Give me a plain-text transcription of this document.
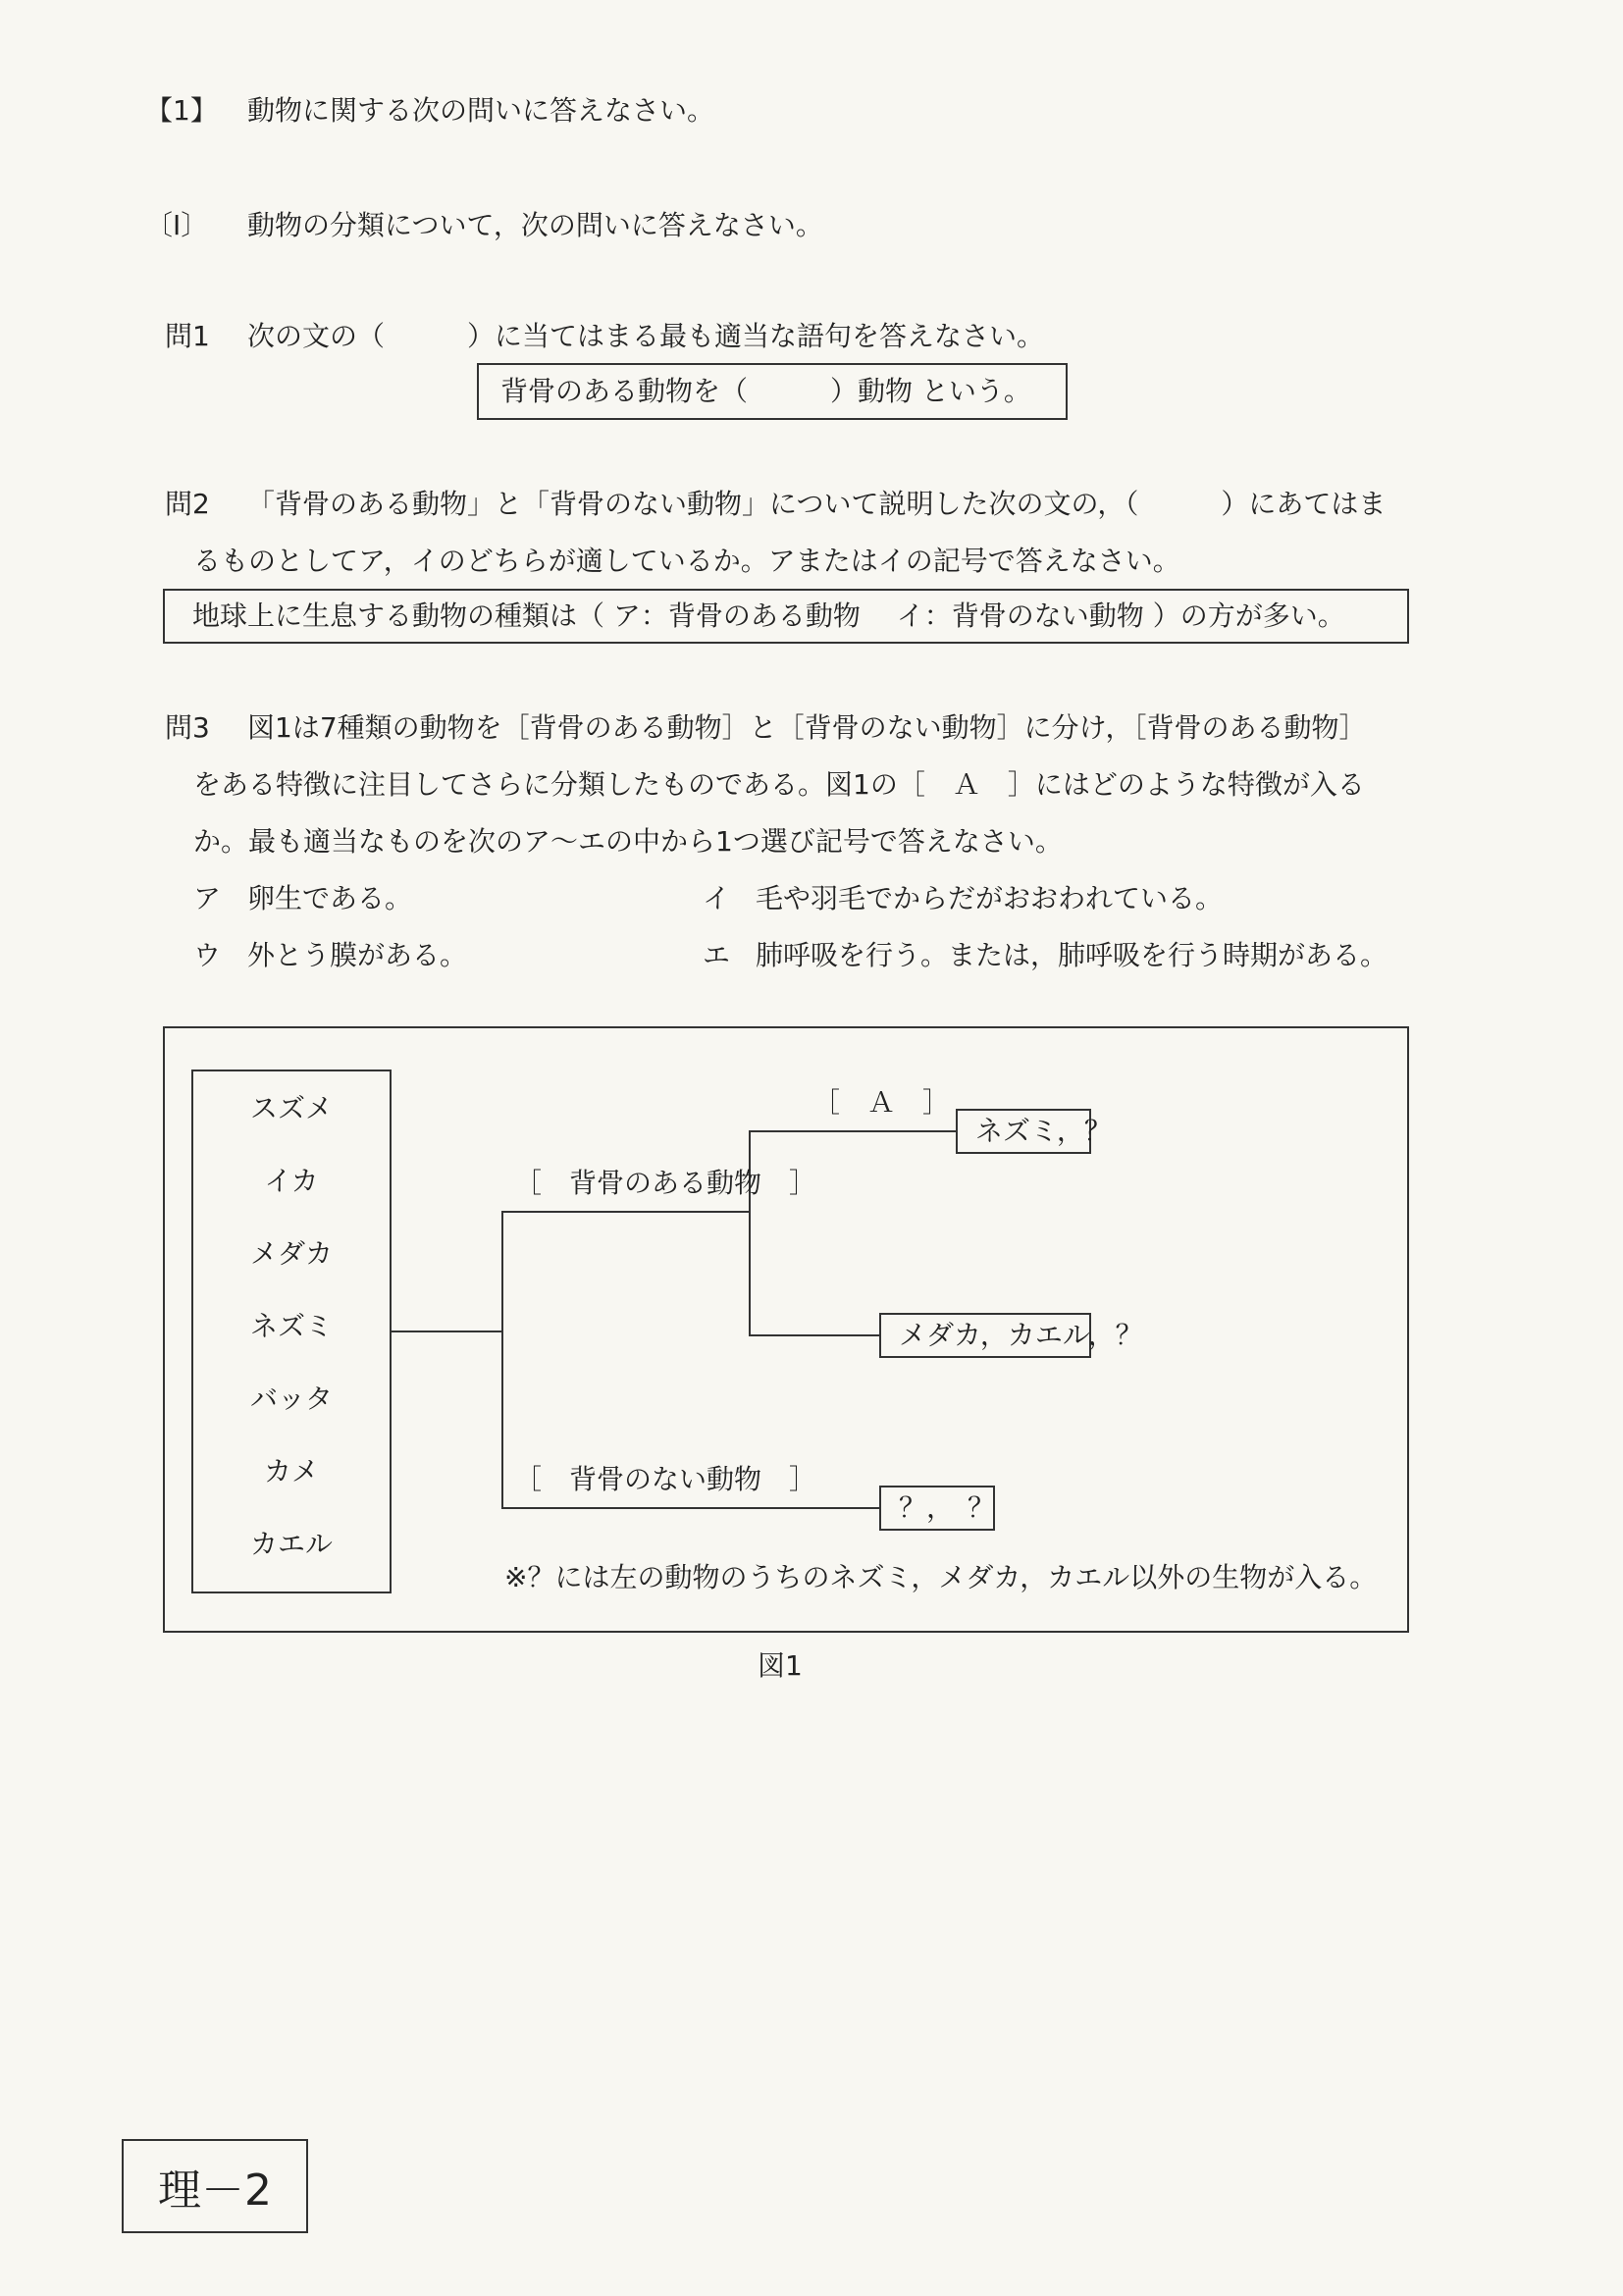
【1】 動物に関する次の問いに答えなさい。
〔Ⅰ〕 動物の分類について，次の問いに答えなさい。
問1 次の文の（　　　）に当てはまる最も適当な語句を答えなさい。
背骨のある動物を（　　　）動物 という。
問2 「背骨のある動物」と「背骨のない動物」について説明した次の文の，（　　　）にあてはま
るものとしてア，イのどちらが適しているか。アまたはイの記号で答えなさい。
地球上に生息する動物の種類は（ ア：背骨のある動物　 イ：背骨のない動物 ）の方が多い。
問3 図1は7種類の動物を［背骨のある動物］と［背骨のない動物］に分け，［背骨のある動物］
をある特徴に注目してさらに分類したものである。図1の［　Ａ　］にはどのような特徴が入る
か。最も適当なものを次のア～エの中から1つ選び記号で答えなさい。
ア 卵生である。	イ 毛や羽毛でからだがおおわれている。
ウ 外とう膜がある。	エ 肺呼吸を行う。または，肺呼吸を行う時期がある。
スズメ
イカ
メダカ
ネズミ
バッタ
カメ
カエル
［　背骨のある動物　］
［　背骨のない動物　］
［　Ａ　］
ネズミ，？
メダカ，カエル，？
？，　？
※？には左の動物のうちのネズミ，メダカ，カエル以外の生物が入る。
図1
理－2
